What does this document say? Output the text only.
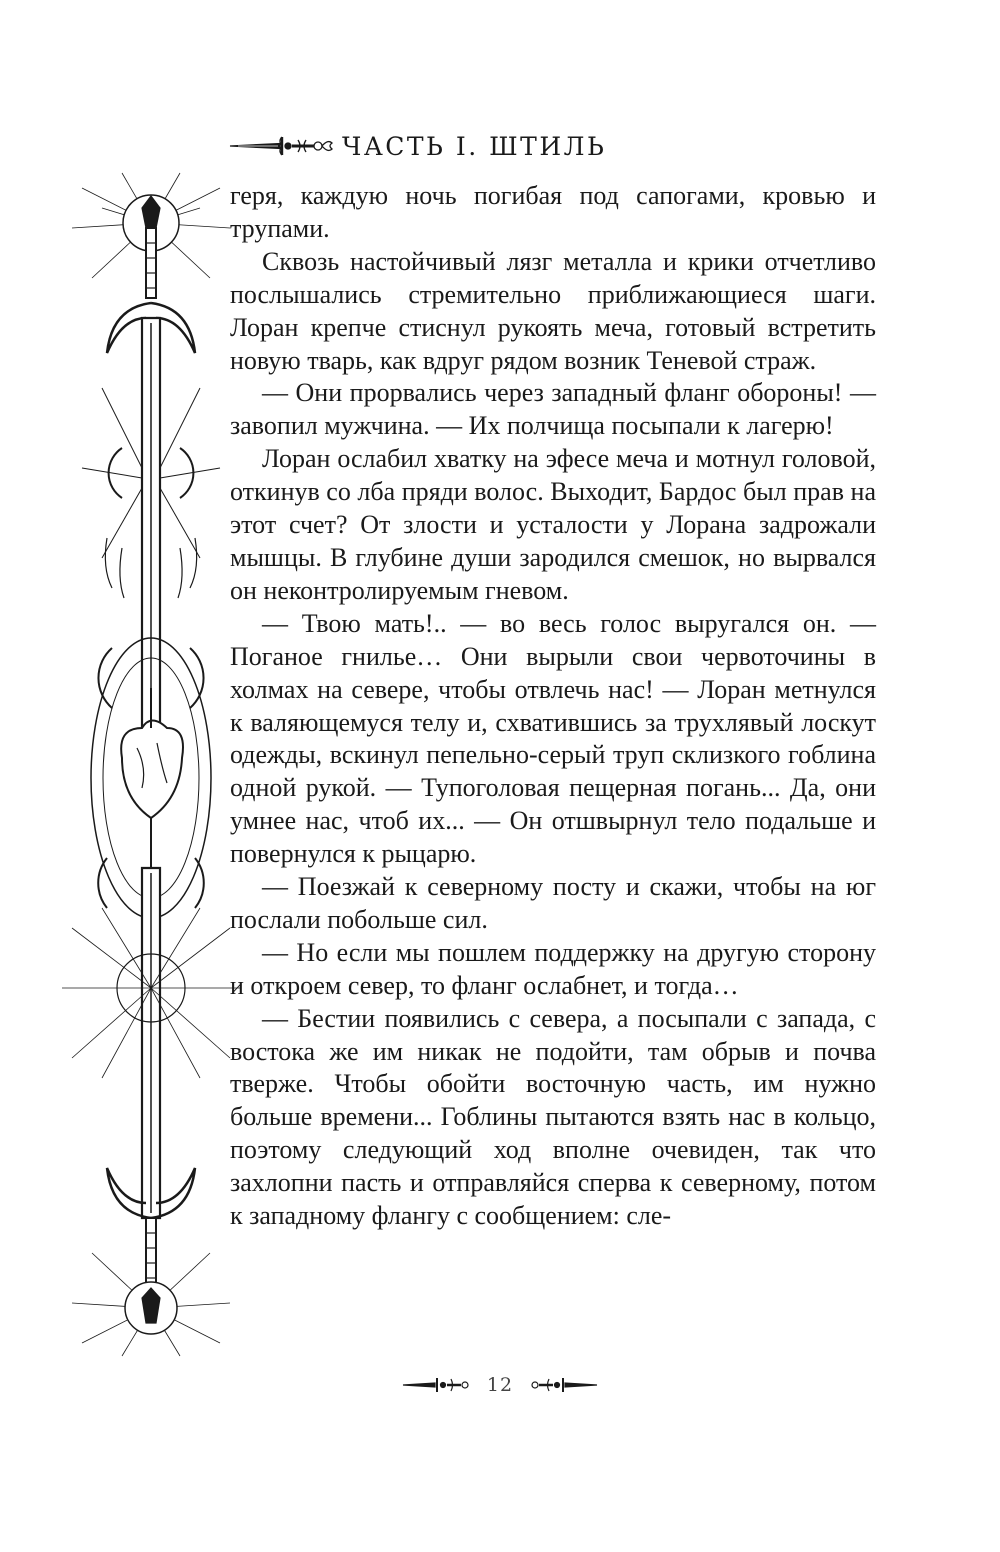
ЧАСТЬ I. ШТИЛЬ

геря, каждую ночь погибая под сапогами, кровью и трупами.

Сквозь настойчивый лязг металла и крики отчетливо послышались стремительно приближающиеся шаги. Лоран крепче стиснул рукоять меча, готовый встретить новую тварь, как вдруг рядом возник Теневой страж.

— Они прорвались через западный фланг обороны! — завопил мужчина. — Их полчища посыпали к лагерю!

Лоран ослабил хватку на эфесе меча и мотнул головой, откинув со лба пряди волос. Выходит, Бардос был прав на этот счет? От злости и усталости у Лорана задрожали мышцы. В глубине души зародился смешок, но вырвался он неконтролируемым гневом.

— Твою мать!.. — во весь голос выругался он. — Поганое гнилье… Они вырыли свои червоточины в холмах на севере, чтобы отвлечь нас! — Лоран метнулся к валяющемуся телу и, схватившись за трухлявый лоскут одежды, вскинул пепельно-серый труп склизкого гоблина одной рукой. — Тупоголовая пещерная погань... Да, они умнее нас, чтоб их... — Он отшвырнул тело подальше и повернулся к рыцарю.

— Поезжай к северному посту и скажи, чтобы на юг послали побольше сил.

— Но если мы пошлем поддержку на другую сторону и откроем север, то фланг ослабнет, и тогда…

— Бестии появились с севера, а посыпали с запада, с востока же им никак не подойти, там обрыв и почва тверже. Чтобы обойти восточную часть, им нужно больше времени... Гоблины пытаются взять нас в кольцо, поэтому следующий ход вполне очевиден, так что захлопни пасть и отправляйся сперва к северному, потом к западному флангу с сообщением: сле-

12
